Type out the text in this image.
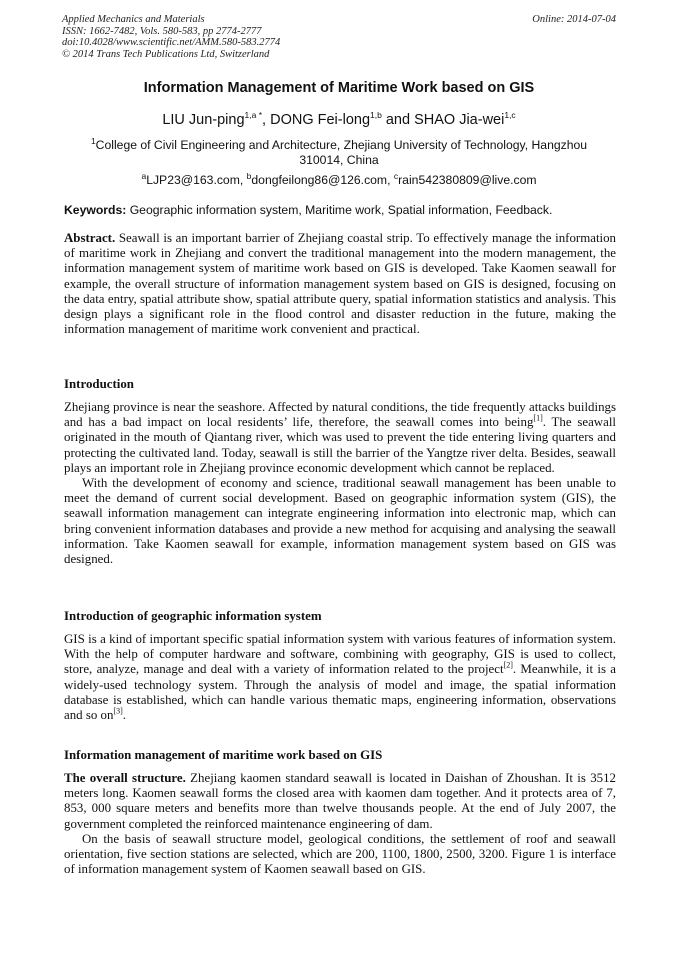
Applied Mechanics and Materials
ISSN: 1662-7482, Vols. 580-583, pp 2774-2777
doi:10.4028/www.scientific.net/AMM.580-583.2774
© 2014 Trans Tech Publications Ltd, Switzerland
Online: 2014-07-04
Information Management of Maritime Work based on GIS
LIU Jun-ping$^{1,a *}$, DONG Fei-long$^{1,b}$ and SHAO Jia-wei$^{1,c}$
$^1$College of Civil Engineering and Architecture, Zhejiang University of Technology, Hangzhou 310014, China
$^a$LJP23@163.com, $^b$dongfeilong86@126.com, $^c$rain542380809@live.com
Keywords: Geographic information system, Maritime work, Spatial information, Feedback.

Abstract. Seawall is an important barrier of Zhejiang coastal strip. To effectively manage the information of maritime work in Zhejiang and convert the traditional management into the modern management, the information management system of maritime work based on GIS is developed. Take Kaomen seawall for example, the overall structure of information management system based on GIS is designed, focusing on the data entry, spatial attribute show, spatial attribute query, spatial information statistics and analysis. This design plays a significant role in the flood control and disaster reduction in the future, making the information management of maritime work convenient and practical.

Introduction

Zhejiang province is near the seashore. Affected by natural conditions, the tide frequently attacks buildings and has a bad impact on local residents’ life, therefore, the seawall comes into being[1]. The seawall originated in the mouth of Qiantang river, which was used to prevent the tide entering living quarters and protecting the cultivated land. Today, seawall is still the barrier of the Yangtze river delta. Besides, seawall plays an important role in Zhejiang province economic development which cannot be replaced.

With the development of economy and science, traditional seawall management has been unable to meet the demand of current social development. Based on geographic information system (GIS), the seawall information management can integrate engineering information into electronic map, which can bring convenient information databases and provide a new method for acquising and analysing the seawall information. Take Kaomen seawall for example, information management system based on GIS was designed.

Introduction of geographic information system

GIS is a kind of important specific spatial information system with various features of information system. With the help of computer hardware and software, combining with geography, GIS is used to collect, store, analyze, manage and deal with a variety of information related to the project[2]. Meanwhile, it is a widely-used technology system. Through the analysis of model and image, the spatial information database is established, which can handle various thematic maps, engineering information, observations and so on[3].

Information management of maritime work based on GIS

The overall structure. Zhejiang kaomen standard seawall is located in Daishan of Zhoushan. It is 3512 meters long. Kaomen seawall forms the closed area with kaomen dam together. And it protects area of 7, 853, 000 square meters and benefits more than twelve thousands people. At the end of July 2007, the government completed the reinforced maintenance engineering of dam.

On the basis of seawall structure model, geological conditions, the settlement of roof and seawall orientation, five section stations are selected, which are 200, 1100, 1800, 2500, 3200. Figure 1 is interface of information management system of Kaomen seawall based on GIS.
